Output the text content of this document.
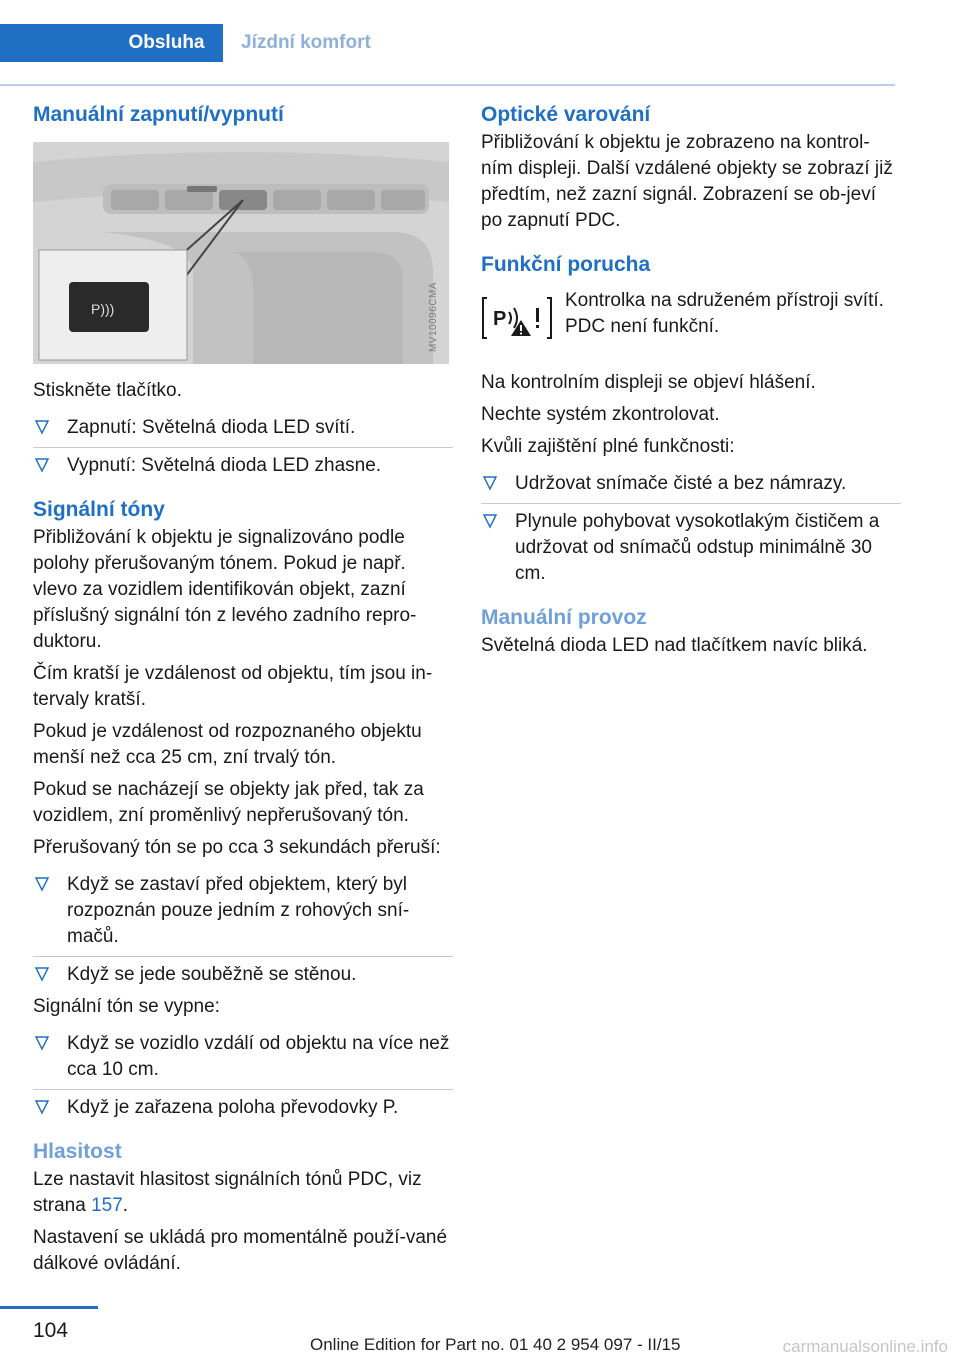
Obsluha	Jízdní komfort
Manuální zapnutí/vypnutí
P)))	MV10096CMA

Stiskněte tlačítko.

Zapnutí: Světelná dioda LED svítí.
Vypnutí: Světelná dioda LED zhasne.
Signální tóny

Přibližování k objektu je signalizováno podle polohy přerušovaným tónem. Pokud je např. vlevo za vozidlem identifikován objekt, zazní příslušný signální tón z levého zadního repro‐duktoru.

Čím kratší je vzdálenost od objektu, tím jsou in‐tervaly kratší.

Pokud je vzdálenost od rozpoznaného objektu menší než cca 25 cm, zní trvalý tón.

Pokud se nacházejí se objekty jak před, tak za vozidlem, zní proměnlivý nepřerušovaný tón.

Přerušovaný tón se po cca 3 sekundách přeruší:

Když se zastaví před objektem, který byl rozpoznán pouze jedním z rohových sní‐mačů.
Když se jede souběžně se stěnou.

Signální tón se vypne:

Když se vozidlo vzdálí od objektu na více než cca 10 cm.
Když je zařazena poloha převodovky P.
Hlasitost

Lze nastavit hlasitost signálních tónů PDC, viz strana 157.

Nastavení se ukládá pro momentálně použí‐vané dálkové ovládání.

Optické varování

Přibližování k objektu je zobrazeno na kontrol‐ním displeji. Další vzdálené objekty se zobrazí již předtím, než zazní signál. Zobrazení se ob‐jeví po zapnutí PDC.

Funkční porucha
P
Kontrolka na sdruženém přístroji svítí. PDC není funkční.

Na kontrolním displeji se objeví hlášení.

Nechte systém zkontrolovat.

Kvůli zajištění plné funkčnosti:

Udržovat snímače čisté a bez námrazy.
Plynule pohybovat vysokotlakým čističem a udržovat od snímačů odstup minimálně 30 cm.
Manuální provoz

Světelná dioda LED nad tlačítkem navíc bliká.

104
Online Edition for Part no. 01 40 2 954 097 - II/15	carmanualsonline.info
